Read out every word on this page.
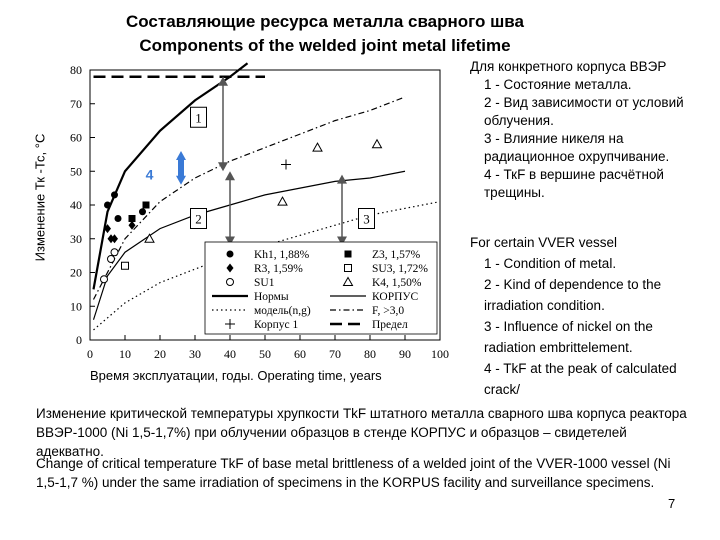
Составляющие ресурса металла сварного шва
Components of the welded joint metal lifetime
0
10
20
30
40
50
60
70
80
0 10 20 30 40 50 60 70 80 90 100
1
2	3
4
Kh1, 1,88%	Z3, 1,57%
R3, 1,59%	SU3, 1,72%
SU1	K4, 1,50%
Нормы	КОРПУС
модель(n,g)	F, >3,0
Корпус 1	Предел
Изменение Тк -Тс, °С
Время эксплуатации, годы. Operating time, years
Для конкретного корпуса ВВЭР
1 - Состояние металла.
2 - Вид зависимости от условий облучения.
3 - Влияние никеля на радиационное охрупчивание.
4 - ТкF в вершине расчётной трещины.
For certain VVER vessel
1 - Condition of metal.
2 - Kind of dependence to the irradiation condition.
3 - Influence of nickel on the radiation embrittelement.
4 - TkF at the peak of calculated crack/
Изменение критической температуры хрупкости ТkF штатного металла сварного шва корпуса реактора ВВЭР-1000 (Ni 1,5-1,7%) при облучении образцов в стенде КОРПУС и образцов – свидетелей адекватно.
Change of critical temperature TkF of base metal brittleness of a welded joint of the VVER-1000 vessel (Ni 1,5-1,7 %) under the same irradiation of specimens in the KORPUS facility and surveillance specimens.
7
